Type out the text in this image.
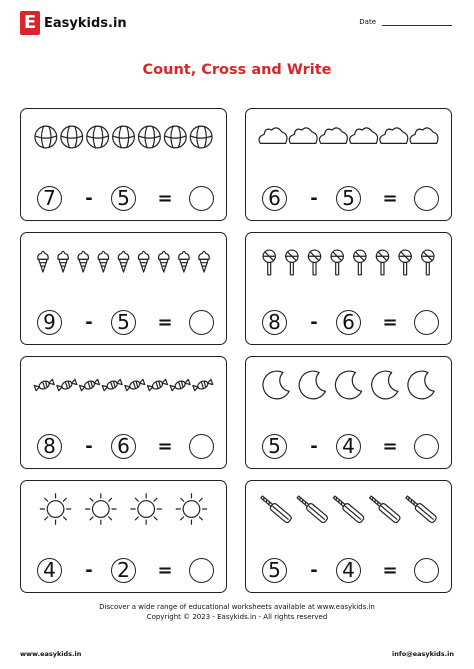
E Easykids.in	Date
Count, Cross and Write
7	-	5	=	6	-	5	=
9	-	5	=	8	-	6	=
8	-	6	=	5	-	4	=
4	-	2	=	5	-	4	=
Discover a wide range of educational worksheets available at www.easykids.in
Copyright © 2023 - Easykids.in - All rights reserved
www.easykids.in	info@easykids.in
